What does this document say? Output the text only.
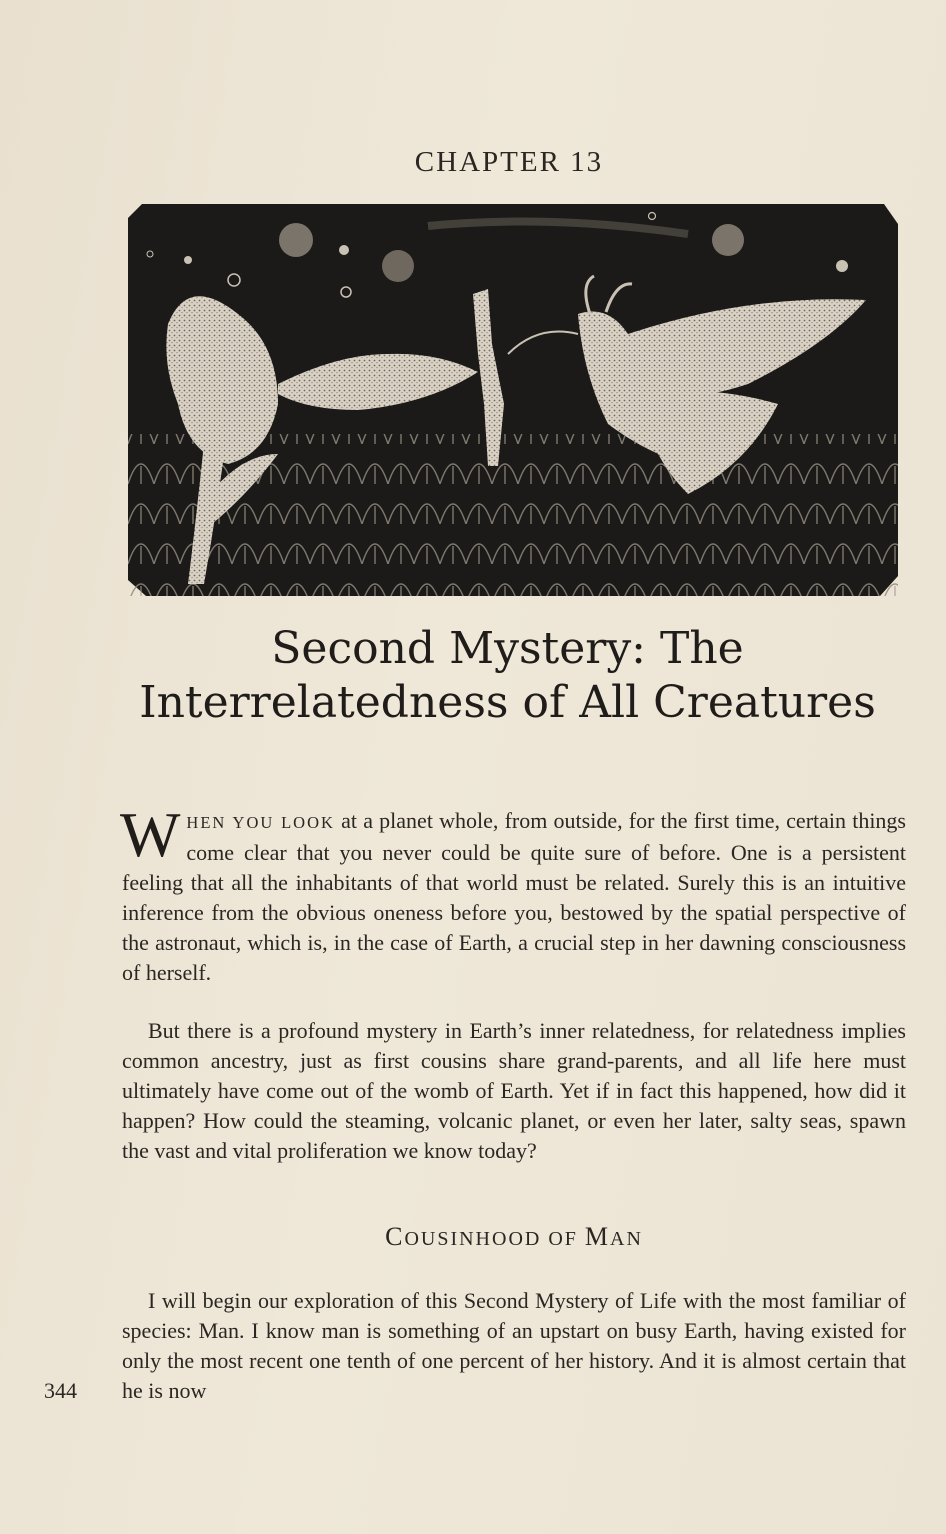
CHAPTER 13
Second Mystery: The
Interrelatedness of All Creatures

WHEN YOU LOOK at a planet whole, from outside, for the first time, certain things come clear that you never could be quite sure of before. One is a persistent feeling that all the inhabitants of that world must be related. Surely this is an intuitive inference from the obvious oneness before you, bestowed by the spatial perspective of the astronaut, which is, in the case of Earth, a crucial step in her dawning consciousness of herself.

But there is a profound mystery in Earth’s inner relatedness, for relatedness implies common ancestry, just as first cousins share grand-parents, and all life here must ultimately have come out of the womb of Earth. Yet if in fact this happened, how did it happen? How could the steaming, volcanic planet, or even her later, salty seas, spawn the vast and vital proliferation we know today?

COUSINHOOD OF MAN

I will begin our exploration of this Second Mystery of Life with the most familiar of species: Man. I know man is something of an upstart on busy Earth, having existed for only the most recent one tenth of one percent of her history. And it is almost certain that he is now

344
